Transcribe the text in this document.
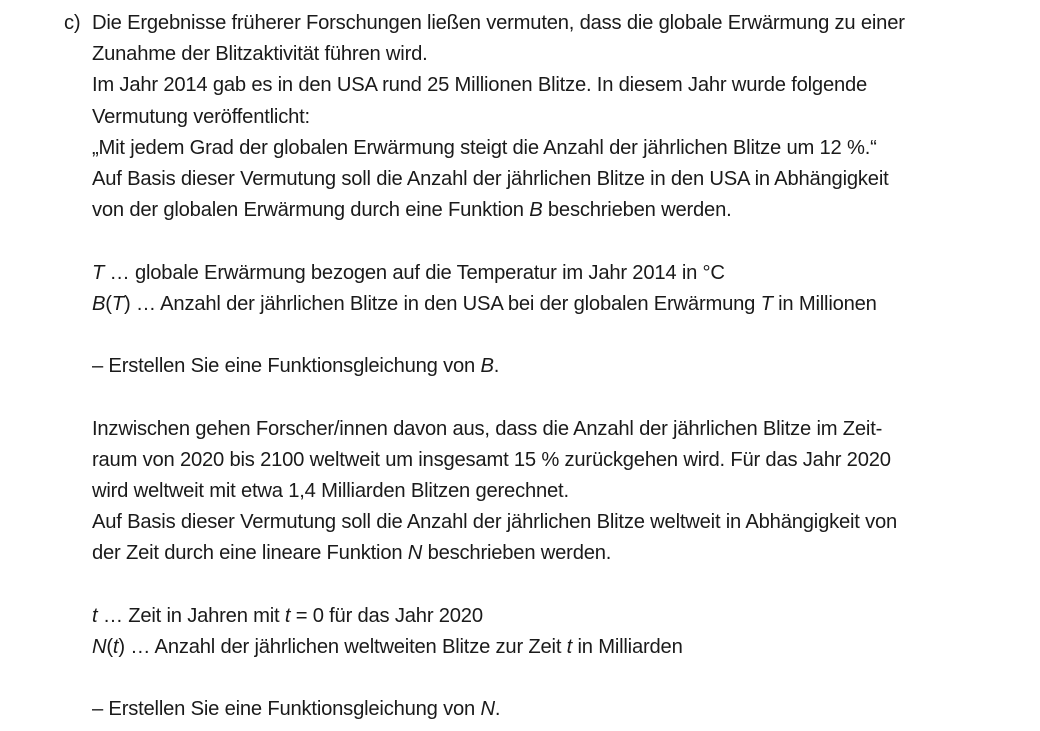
c) Die Ergebnisse früherer Forschungen ließen vermuten, dass die globale Erwärmung zu einer
Zunahme der Blitzaktivität führen wird.
Im Jahr 2014 gab es in den USA rund 25 Millionen Blitze. In diesem Jahr wurde folgende
Vermutung veröffentlicht:
„Mit jedem Grad der globalen Erwärmung steigt die Anzahl der jährlichen Blitze um 12 %.“
Auf Basis dieser Vermutung soll die Anzahl der jährlichen Blitze in den USA in Abhängigkeit
von der globalen Erwärmung durch eine Funktion B beschrieben werden.
T … globale Erwärmung bezogen auf die Temperatur im Jahr 2014 in °C
B(T) … Anzahl der jährlichen Blitze in den USA bei der globalen Erwärmung T in Millionen
– Erstellen Sie eine Funktionsgleichung von B.
Inzwischen gehen Forscher/innen davon aus, dass die Anzahl der jährlichen Blitze im Zeit-
raum von 2020 bis 2100 weltweit um insgesamt 15 % zurückgehen wird. Für das Jahr 2020
wird weltweit mit etwa 1,4 Milliarden Blitzen gerechnet.
Auf Basis dieser Vermutung soll die Anzahl der jährlichen Blitze weltweit in Abhängigkeit von
der Zeit durch eine lineare Funktion N beschrieben werden.
t … Zeit in Jahren mit t = 0 für das Jahr 2020
N(t) … Anzahl der jährlichen weltweiten Blitze zur Zeit t in Milliarden
– Erstellen Sie eine Funktionsgleichung von N.
